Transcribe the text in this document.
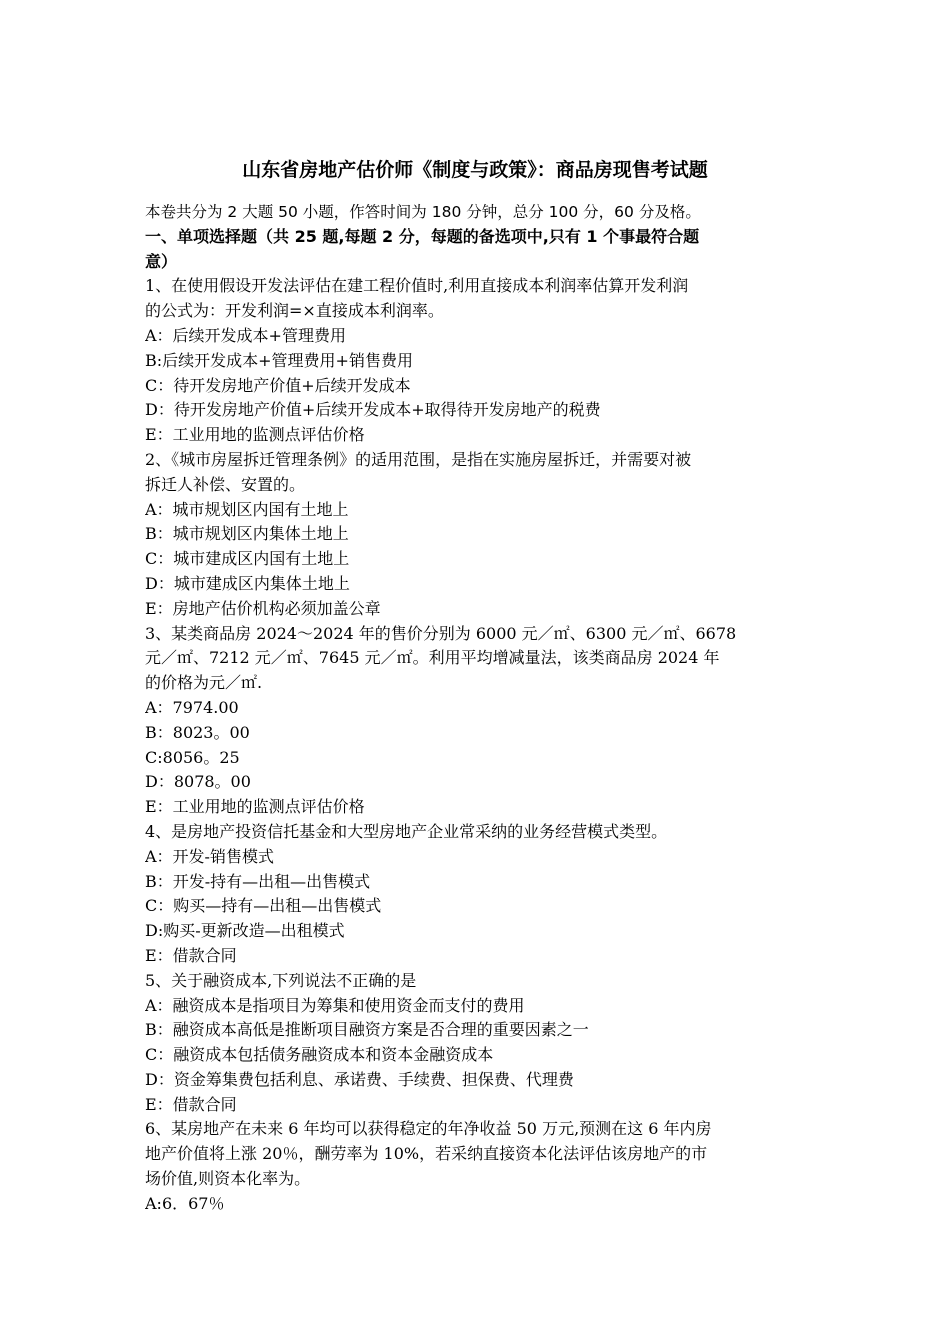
山东省房地产估价师《制度与政策》：商品房现售考试题
本卷共分为 2 大题 50 小题，作答时间为 180 分钟，总分 100 分，60 分及格。
一、单项选择题（共 25 题,每题 2 分，每题的备选项中,只有 1 个事最符合题
意）
1、在使用假设开发法评估在建工程价值时,利用直接成本利润率估算开发利润
的公式为：开发利润=×直接成本利润率。
A：后续开发成本+管理费用
B:后续开发成本+管理费用+销售费用
C：待开发房地产价值+后续开发成本
D：待开发房地产价值+后续开发成本+取得待开发房地产的税费
E：工业用地的监测点评估价格
2、《城市房屋拆迁管理条例》的适用范围，是指在实施房屋拆迁，并需要对被
拆迁人补偿、安置的。
A：城市规划区内国有土地上
B：城市规划区内集体土地上
C：城市建成区内国有土地上
D：城市建成区内集体土地上
E：房地产估价机构必须加盖公章
3、某类商品房 2024～2024 年的售价分别为 6000 元／㎡、6300 元／㎡、6678
元／㎡、7212 元／㎡、7645 元／㎡。利用平均增减量法，该类商品房 2024 年
的价格为元／㎡.
A：7974.00
B：8023。00
C:8056。25
D：8078。00
E：工业用地的监测点评估价格
4、是房地产投资信托基金和大型房地产企业常采纳的业务经营模式类型。
A：开发-销售模式
B：开发-持有—出租—出售模式
C：购买—持有—出租—出售模式
D:购买-更新改造—出租模式
E：借款合同
5、关于融资成本,下列说法不正确的是
A：融资成本是指项目为筹集和使用资金而支付的费用
B：融资成本高低是推断项目融资方案是否合理的重要因素之一
C：融资成本包括债务融资成本和资本金融资成本
D：资金筹集费包括利息、承诺费、手续费、担保费、代理费
E：借款合同
6、某房地产在未来 6 年均可以获得稳定的年净收益 50 万元,预测在这 6 年内房
地产价值将上涨 20％，酬劳率为 10%，若采纳直接资本化法评估该房地产的市
场价值,则资本化率为。
A:6．67％
